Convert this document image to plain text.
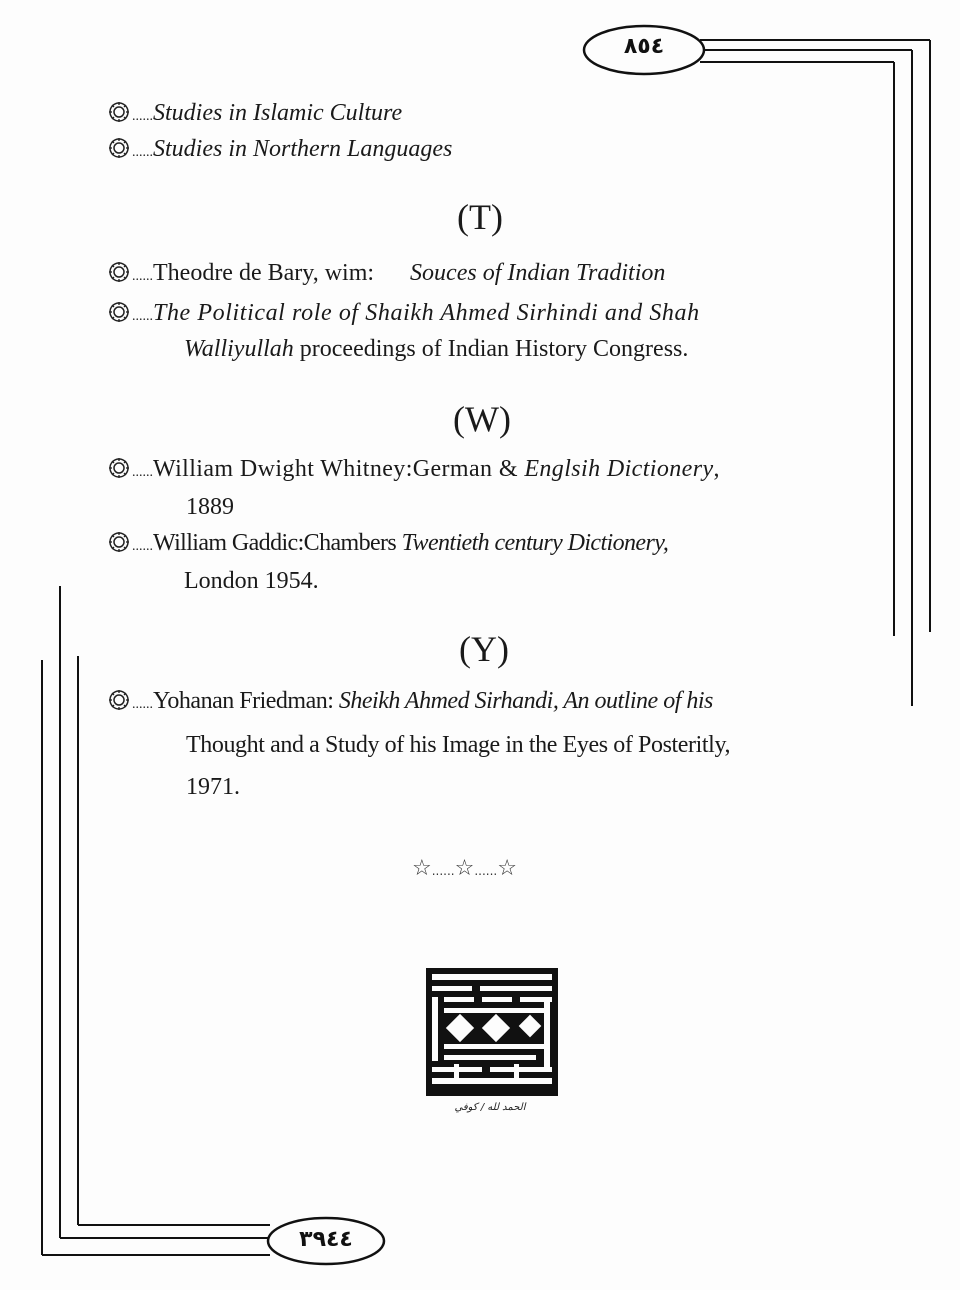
٨٥٤
٣٩٤٤
......Studies in Islamic Culture
......Studies in Northern Languages
(T)
......Theodre de Bary, wim: Souces of Indian Tradition
......The Political role of Shaikh Ahmed Sirhindi and Shah
Walliyullah proceedings of Indian History Congress.
(W)
......William Dwight Whitney:German & Englsih Dictionery,
1889
......William Gaddic:Chambers Twentieth century Dictionery,
London 1954.
(Y)
......Yohanan Friedman: Sheikh Ahmed Sirhandi, An outline of his
Thought and a Study of his Image in the Eyes of Posteritly,
1971.
☆......☆......☆
الحمد لله / كوفي
